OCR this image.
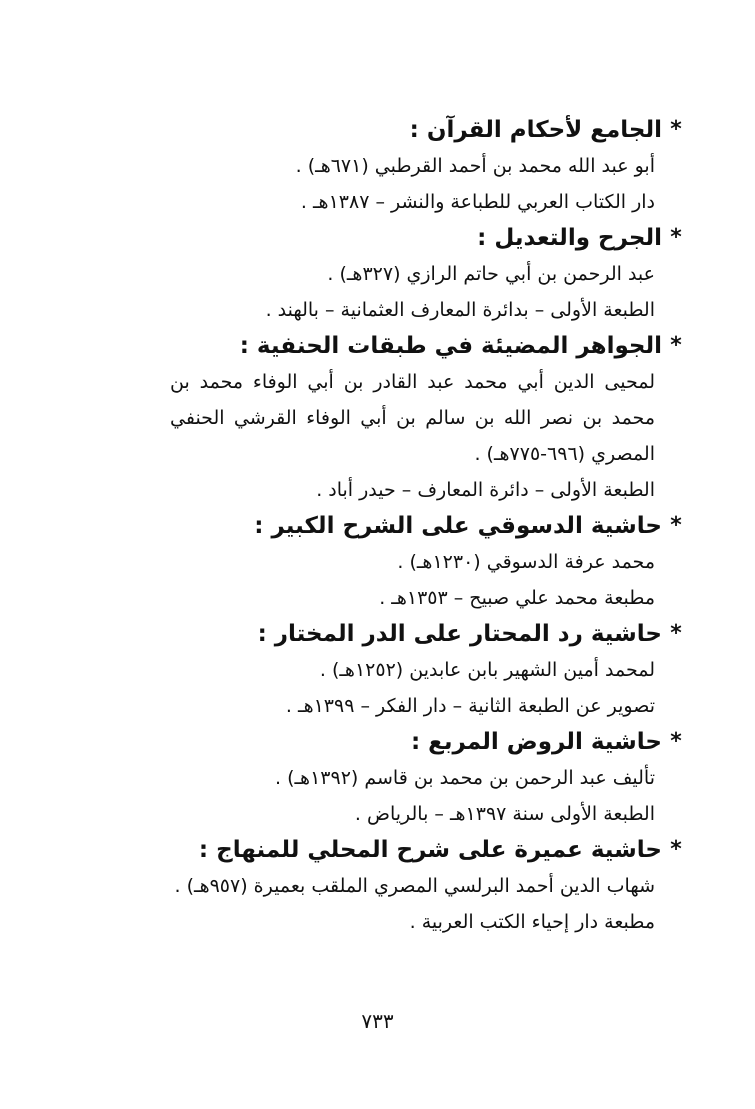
*
الجامع لأحكام القرآن :
أبو عبد الله محمد بن أحمد القرطبي (٦٧١هـ) .
دار الكتاب العربي للطباعة والنشر – ١٣٨٧هـ .
*
الجرح والتعديل :
عبد الرحمن بن أبي حاتم الرازي (٣٢٧هـ) .
الطبعة الأولى – بدائرة المعارف العثمانية – بالهند .
*
الجواهر المضيئة في طبقات الحنفية :
لمحيى الدين أبي محمد عبد القادر بن أبي الوفاء محمد بن محمد بن نصر الله بن سالم بن أبي الوفاء القرشي الحنفي المصري (٦٩٦-٧٧٥هـ) .
الطبعة الأولى – دائرة المعارف – حيدر أباد .
*
حاشية الدسوقي على الشرح الكبير :
محمد عرفة الدسوقي (١٢٣٠هـ) .
مطبعة محمد علي صبيح – ١٣٥٣هـ .
*
حاشية رد المحتار على الدر المختار :
لمحمد أمين الشهير بابن عابدين (١٢٥٢هـ) .
تصوير عن الطبعة الثانية – دار الفكر – ١٣٩٩هـ .
*
حاشية الروض المربع :
تأليف عبد الرحمن بن محمد بن قاسم (١٣٩٢هـ) .
الطبعة الأولى سنة ١٣٩٧هـ – بالرياض .
*
حاشية عميرة على شرح المحلي للمنهاج :
شهاب الدين أحمد البرلسي المصري الملقب بعميرة (٩٥٧هـ) .
مطبعة دار إحياء الكتب العربية .
٧٣٣
